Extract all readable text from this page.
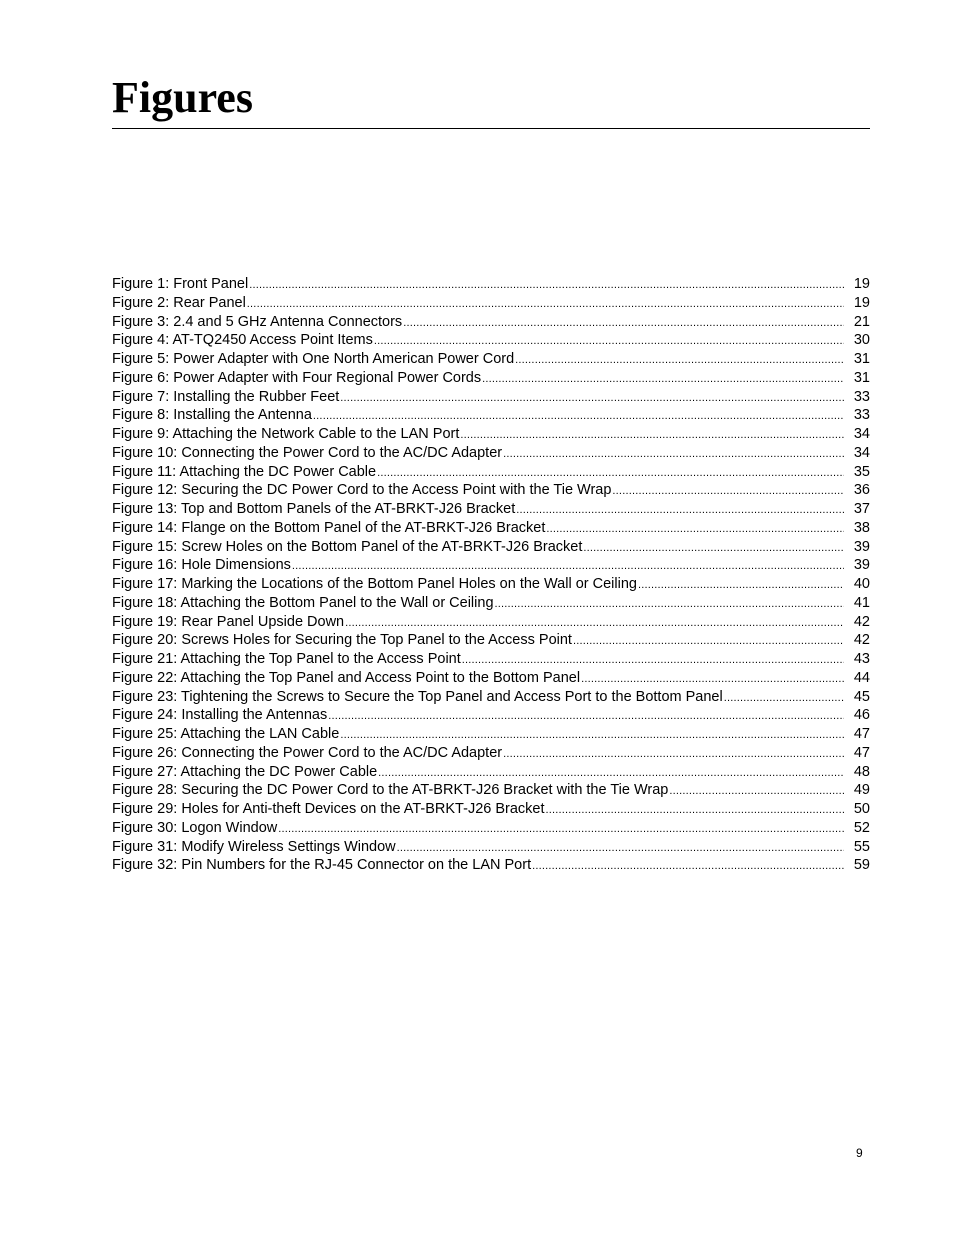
Figures
Figure 1: Front Panel .....	19
Figure 2: Rear Panel .....	19
Figure 3: 2.4 and 5 GHz Antenna Connectors .....	21
Figure 4: AT-TQ2450 Access Point Items .....	30
Figure 5: Power Adapter with One North American Power Cord .....	31
Figure 6: Power Adapter with Four Regional Power Cords .....	31
Figure 7: Installing the Rubber Feet .....	33
Figure 8: Installing the Antenna .....	33
Figure 9: Attaching the Network Cable to the LAN Port .....	34
Figure 10: Connecting the Power Cord to the AC/DC Adapter .....	34
Figure 11: Attaching the DC Power Cable .....	35
Figure 12: Securing the DC Power Cord to the Access Point with the Tie Wrap .....	36
Figure 13: Top and Bottom Panels of the AT-BRKT-J26 Bracket .....	37
Figure 14: Flange on the Bottom Panel of the AT-BRKT-J26 Bracket .....	38
Figure 15: Screw Holes on the Bottom Panel of the AT-BRKT-J26 Bracket .....	39
Figure 16: Hole Dimensions .....	39
Figure 17: Marking the Locations of the Bottom Panel Holes on the Wall or Ceiling .....	40
Figure 18: Attaching the Bottom Panel to the Wall or Ceiling .....	41
Figure 19: Rear Panel Upside Down .....	42
Figure 20: Screws Holes for Securing the Top Panel to the Access Point .....	42
Figure 21: Attaching the Top Panel to the Access Point .....	43
Figure 22: Attaching the Top Panel and Access Point to the Bottom Panel .....	44
Figure 23: Tightening the Screws to Secure the Top Panel and Access Port to the Bottom Panel .....	45
Figure 24: Installing the Antennas .....	46
Figure 25: Attaching the LAN Cable .....	47
Figure 26: Connecting the Power Cord to the AC/DC Adapter .....	47
Figure 27: Attaching the DC Power Cable .....	48
Figure 28: Securing the DC Power Cord to the AT-BRKT-J26 Bracket with the Tie Wrap .....	49
Figure 29: Holes for Anti-theft Devices on the AT-BRKT-J26 Bracket .....	50
Figure 30: Logon Window .....	52
Figure 31: Modify Wireless Settings Window .....	55
Figure 32: Pin Numbers for the RJ-45 Connector on the LAN Port .....	59
9
